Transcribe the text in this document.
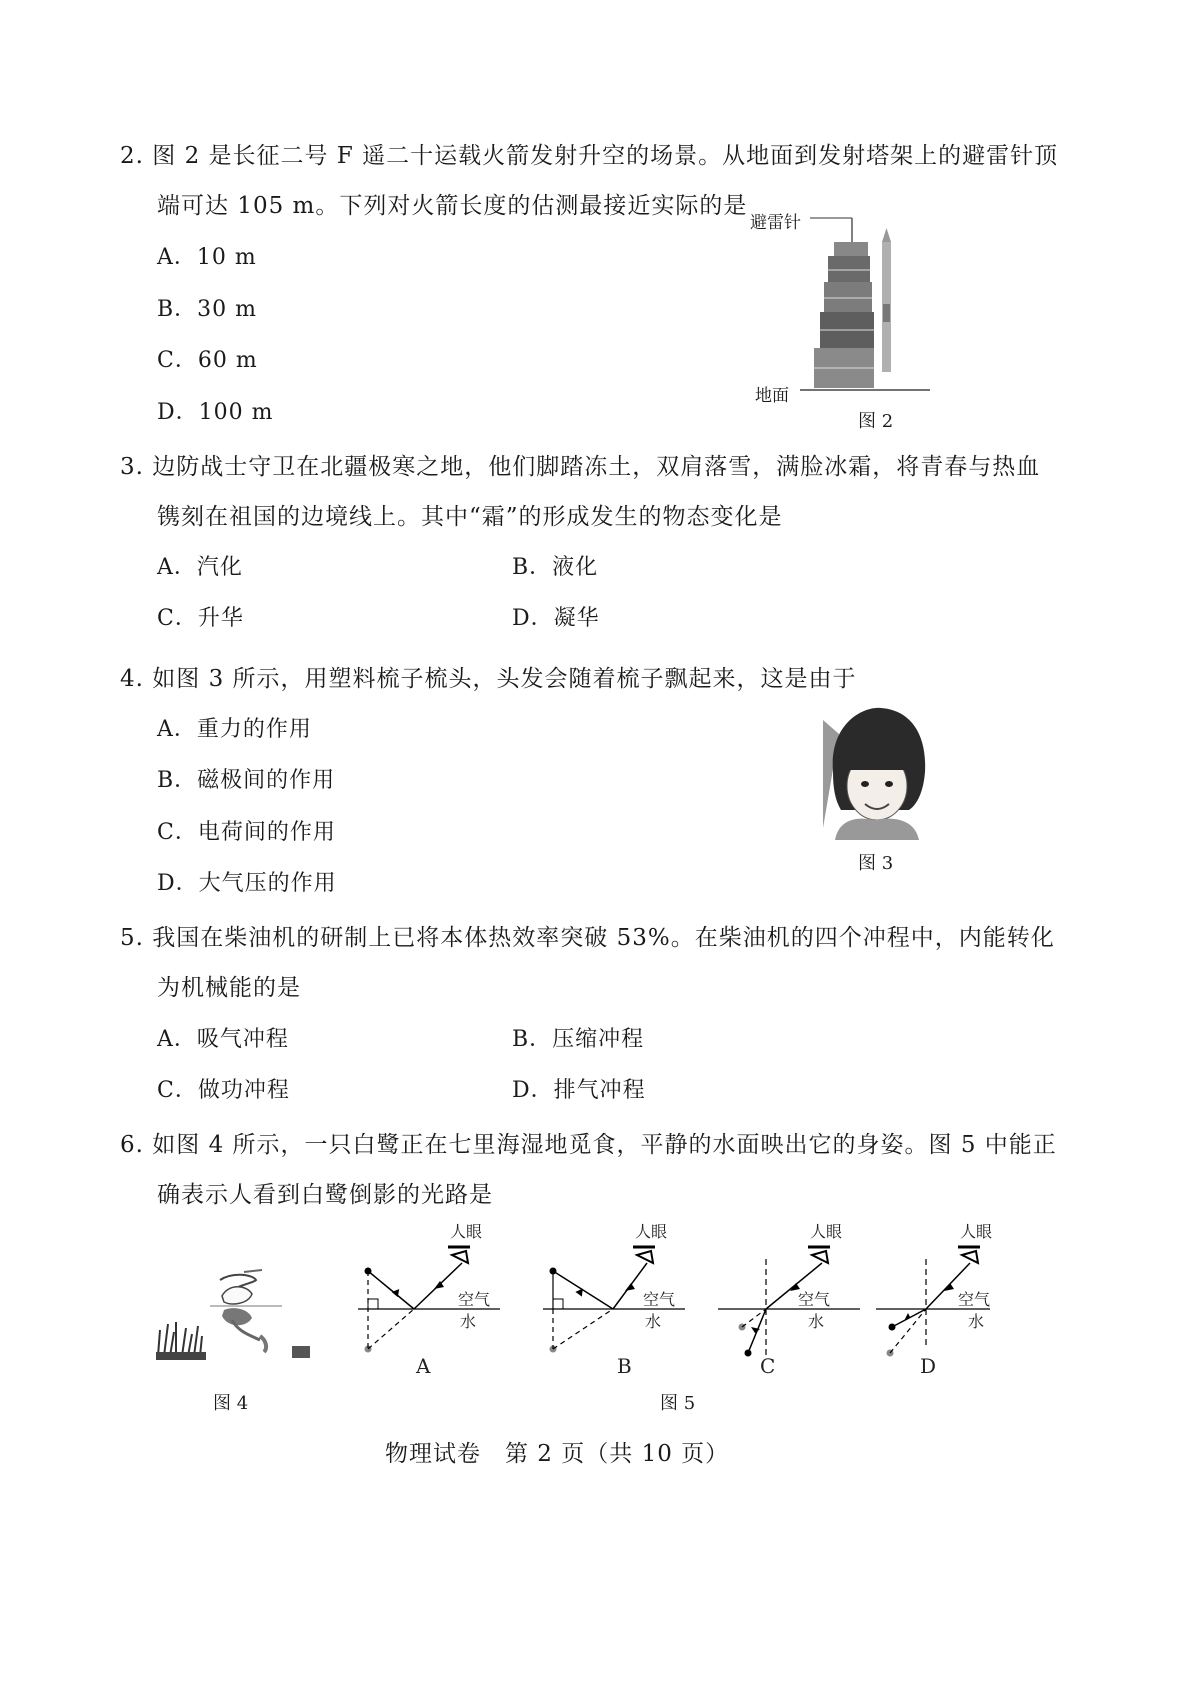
2. 图 2 是长征二号 F 遥二十运载火箭发射升空的场景。从地面到发射塔架上的避雷针顶
端可达 105 m。下列对火箭长度的估测最接近实际的是
A．10 m
B．30 m
C．60 m
D．100 m
避雷针
地面
图 2
3. 边防战士守卫在北疆极寒之地，他们脚踏冻土，双肩落雪，满脸冰霜，将青春与热血
镌刻在祖国的边境线上。其中“霜”的形成发生的物态变化是
A．汽化	B．液化
C．升华	D．凝华
4. 如图 3 所示，用塑料梳子梳头，头发会随着梳子飘起来，这是由于
A．重力的作用
B．磁极间的作用
C．电荷间的作用
D．大气压的作用
图 3
5. 我国在柴油机的研制上已将本体热效率突破 53%。在柴油机的四个冲程中，内能转化
为机械能的是
A．吸气冲程	B．压缩冲程
C．做功冲程	D．排气冲程
6. 如图 4 所示，一只白鹭正在七里海湿地觅食，平静的水面映出它的身姿。图 5 中能正
确表示人看到白鹭倒影的光路是
图 4
人眼
空气
水
A
人眼
空气
水
B
人眼
空气
水
C
人眼
空气
水
D
图 5
物理试卷　第 2 页（共 10 页）
